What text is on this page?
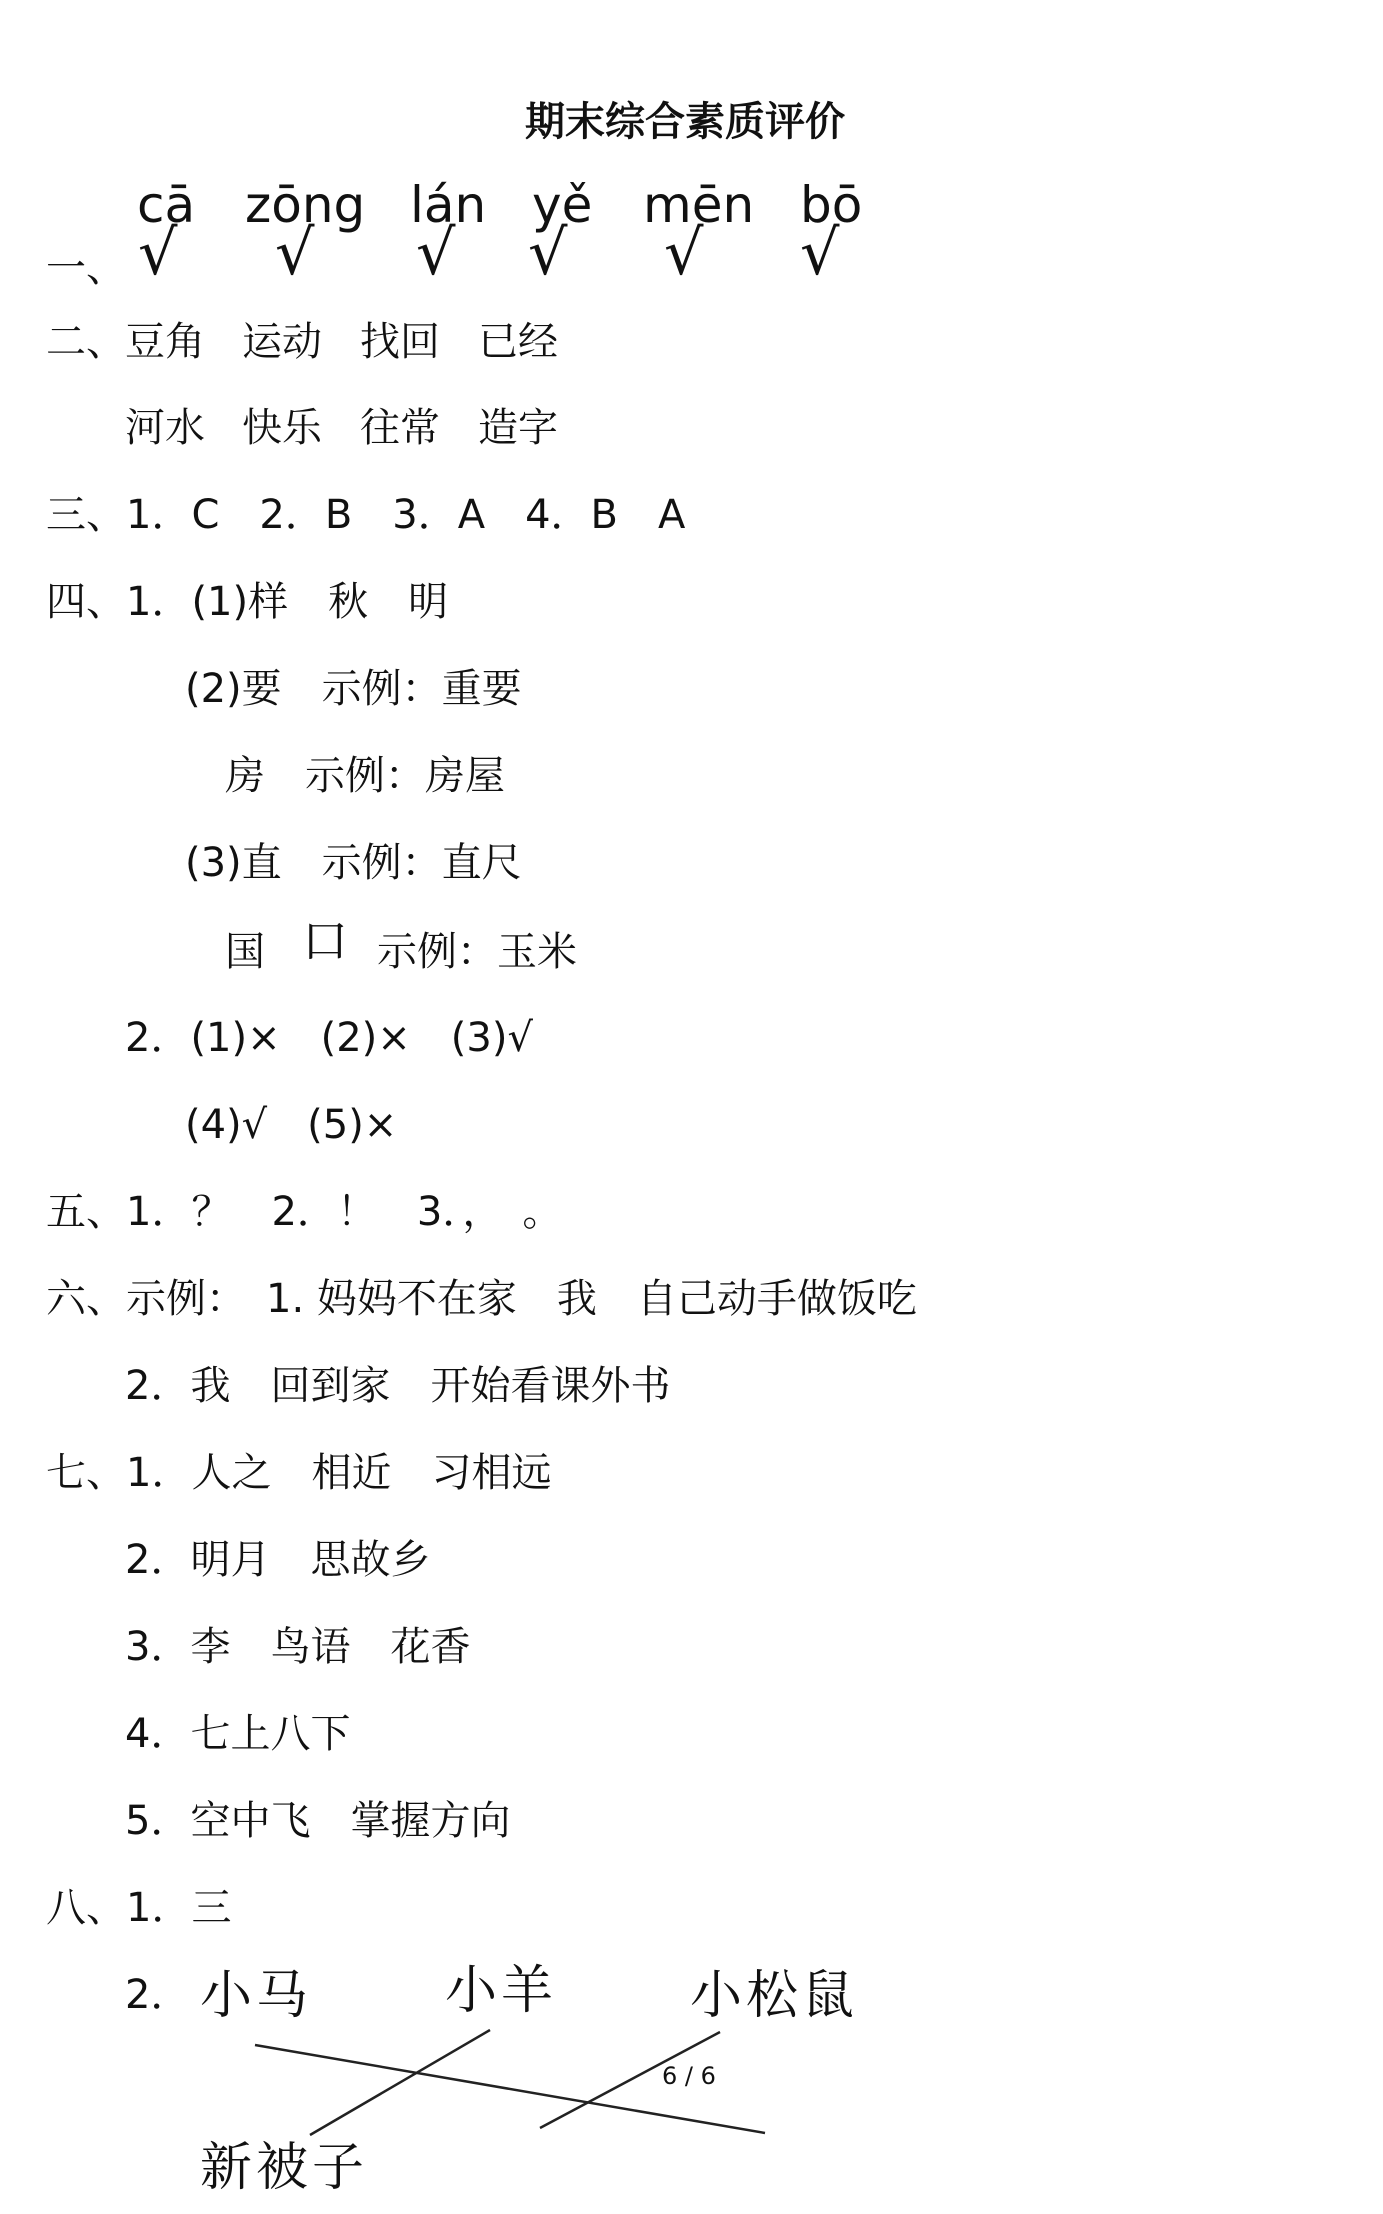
期末综合素质评价
一、
cā zōng lán yě mēn bō
√ √ √ √ √ √
二、 豆角 运动 找回 已经
河水 快乐 往常 造字
三、1．C　2．B　3．A　4．B　A
四、1．(1)样　秋　明
(2)要　示例：重要
房　示例：房屋
(3)直　示例：直尺
国 口 示例：玉米
2．(1)×　(2)×　(3)√
(4)√　(5)×
五、1．？　2．！　3．，　。
六、示例：　1. 妈妈不在家　我　自己动手做饭吃
2．我　回到家　开始看课外书
七、1．人之　相近　习相远
2．明月　思故乡
3．李　鸟语　花香
4．七上八下
5．空中飞　掌握方向
八、1．三
2． 小马	小羊	小松鼠
新被子
6 / 6
